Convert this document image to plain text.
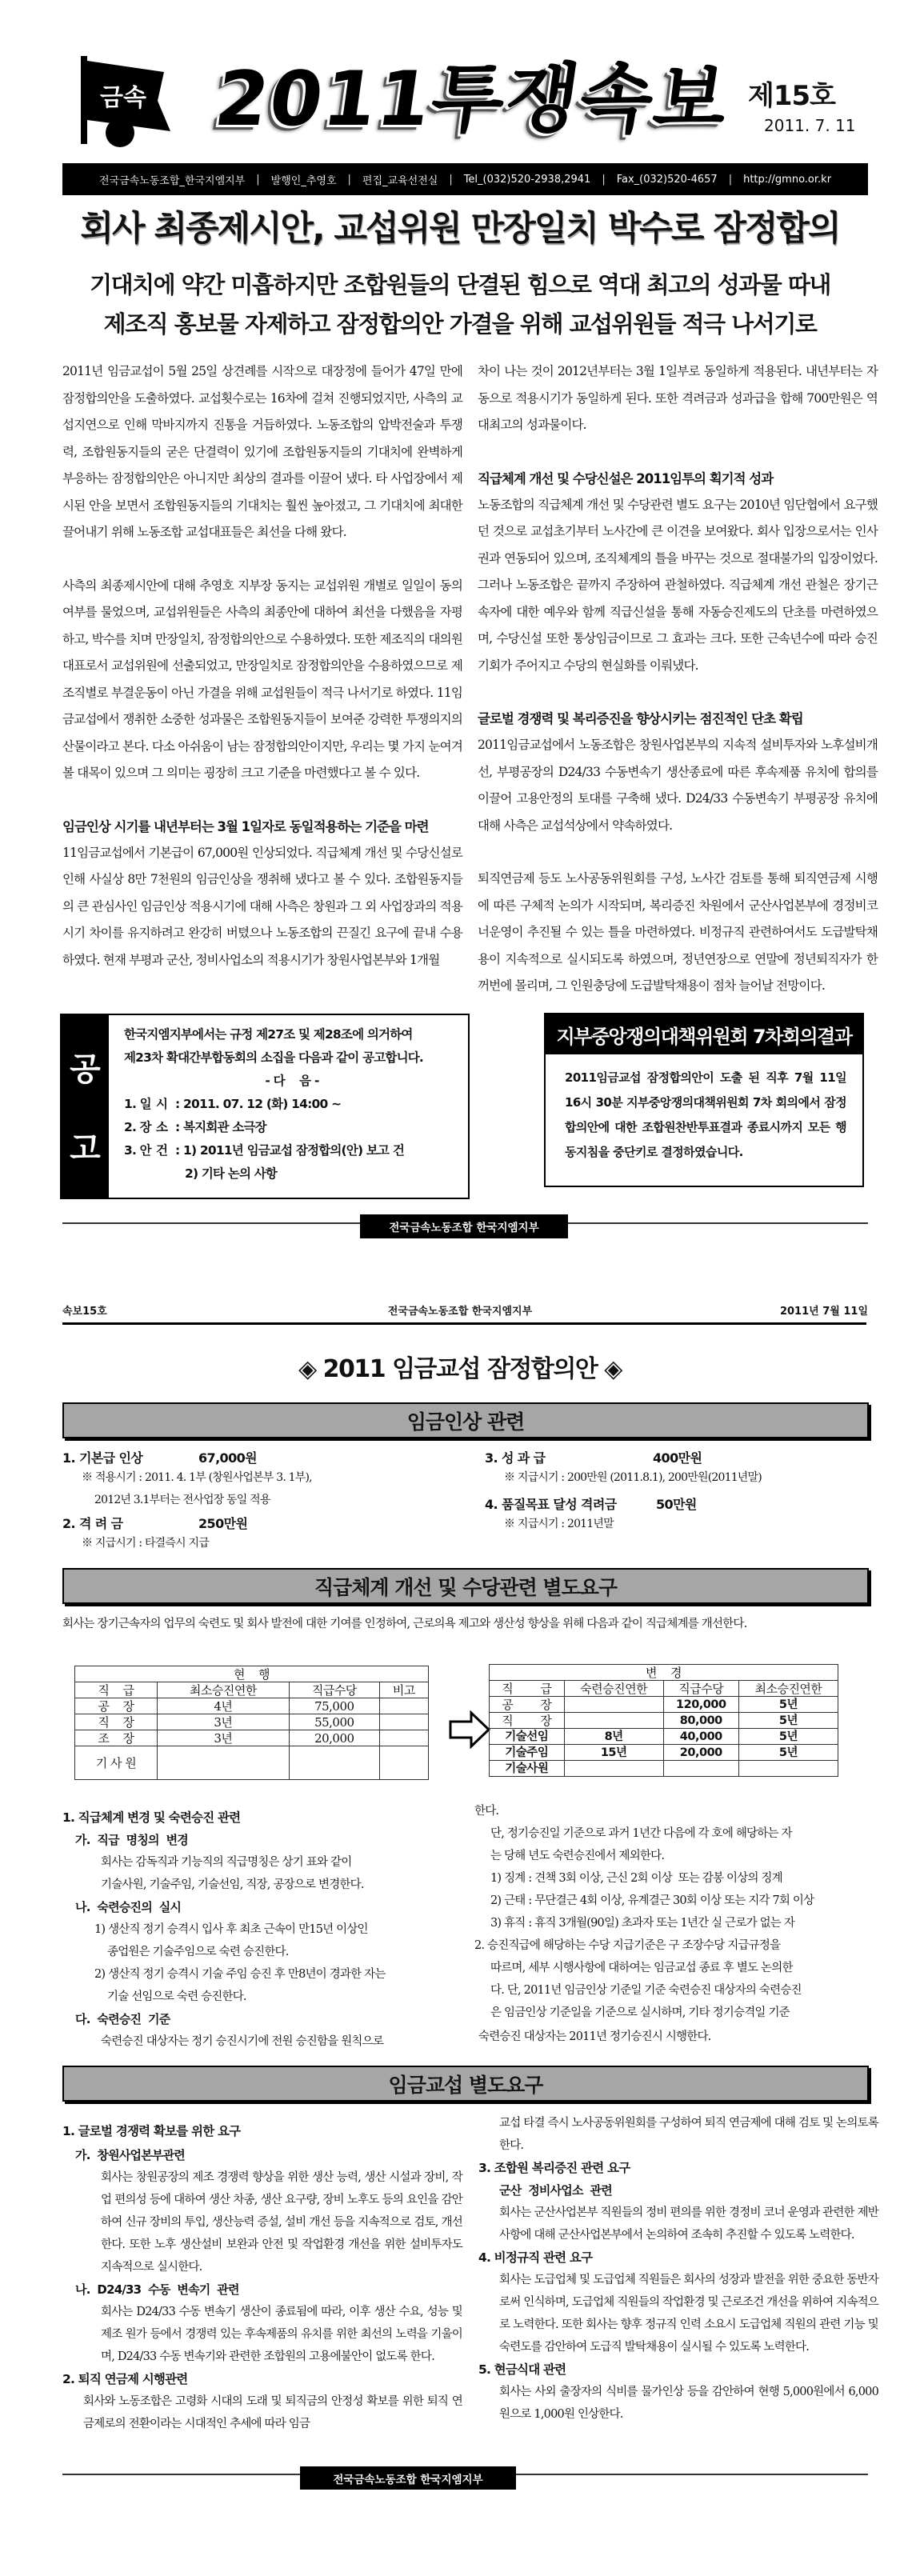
금속 2011투쟁속보 제15호
2011. 7. 11
전국금속노동조합_한국지엠지부 | 발행인_추영호 | 편집_교육선전실 | Tel_(032)520-2938,2941 | Fax_(032)520-4657 | http://gmno.or.kr
회사 최종제시안, 교섭위원 만장일치 박수로 잠정합의
기대치에 약간 미흡하지만 조합원들의 단결된 힘으로 역대 최고의 성과물 따내
제조직 홍보물 자제하고 잠정합의안 가결을 위해 교섭위원들 적극 나서기로

2011년 임금교섭이 5월 25일 상견례를 시작으로 대장정에 들어가 47일 만에 잠정합의안을 도출하였다. 교섭횟수로는 16차에 걸쳐 진행되었지만, 사측의 교섭지연으로 인해 막바지까지 진통을 거듭하였다. 노동조합의 압박전술과 투쟁력, 조합원동지들의 굳은 단결력이 있기에 조합원동지들의 기대치에 완벽하게 부응하는 잠정합의안은 아니지만 최상의 결과를 이끌어 냈다. 타 사업장에서 제시된 안을 보면서 조합원동지들의 기대치는 훨씬 높아졌고, 그 기대치에 최대한 끌어내기 위해 노동조합 교섭대표들은 최선을 다해 왔다.

사측의 최종제시안에 대해 추영호 지부장 동지는 교섭위원 개별로 일일이 동의여부를 물었으며, 교섭위원들은 사측의 최종안에 대하여 최선을 다했음을 자평하고, 박수를 치며 만장일치, 잠정합의안으로 수용하였다. 또한 제조직의 대의원대표로서 교섭위원에 선출되었고, 만장일치로 잠정합의안을 수용하였으므로 제조직별로 부결운동이 아닌 가결을 위해 교섭원들이 적극 나서기로 하였다. 11임금교섭에서 쟁취한 소중한 성과물은 조합원동지들이 보여준 강력한 투쟁의지의 산물이라고 본다. 다소 아쉬움이 남는 잠정합의안이지만, 우리는 몇 가지 눈여겨 볼 대목이 있으며 그 의미는 굉장히 크고 기준을 마련했다고 볼 수 있다.

임금인상 시기를 내년부터는 3월 1일자로 동일적용하는 기준을 마련

11임금교섭에서 기본급이 67,000원 인상되었다. 직급체계 개선 및 수당신설로 인해 사실상 8만 7천원의 임금인상을 쟁취해 냈다고 볼 수 있다. 조합원동지들의 큰 관심사인 임금인상 적용시기에 대해 사측은 창원과 그 외 사업장과의 적용시기 차이를 유지하려고 완강히 버텼으나 노동조합의 끈질긴 요구에 끝내 수용하였다. 현재 부평과 군산, 정비사업소의 적용시기가 창원사업본부와 1개월

차이 나는 것이 2012년부터는 3월 1일부로 동일하게 적용된다. 내년부터는 자동으로 적용시기가 동일하게 된다. 또한 격려금과 성과급을 합해 700만원은 역대최고의 성과물이다.

직급체계 개선 및 수당신설은 2011임투의 획기적 성과

노동조합의 직급체계 개선 및 수당관련 별도 요구는 2010년 임단협에서 요구했던 것으로 교섭초기부터 노사간에 큰 이견을 보여왔다. 회사 입장으로서는 인사권과 연동되어 있으며, 조직체계의 틀을 바꾸는 것으로 절대불가의 입장이었다. 그러나 노동조합은 끝까지 주장하여 관철하였다. 직급체계 개선 관철은 장기근속자에 대한 예우와 함께 직급신설을 통해 자동승진제도의 단초를 마련하였으며, 수당신설 또한 통상임금이므로 그 효과는 크다. 또한 근속년수에 따라 승진기회가 주어지고 수당의 현실화를 이뤄냈다.

글로벌 경쟁력 및 복리증진을 향상시키는 점진적인 단초 확립

2011임금교섭에서 노동조합은 창원사업본부의 지속적 설비투자와 노후설비개선, 부평공장의 D24/33 수동변속기 생산종료에 따른 후속제품 유치에 합의를 이끌어 고용안정의 토대를 구축해 냈다. D24/33 수동변속기 부평공장 유치에 대해 사측은 교섭석상에서 약속하였다.

퇴직연금제 등도 노사공동위원회를 구성, 노사간 검토를 통해 퇴직연금제 시행에 따른 구체적 논의가 시작되며, 복리증진 차원에서 군산사업본부에 경정비코너운영이 추진될 수 있는 틀을 마련하였다. 비정규직 관련하여서도 도급발탁채용이 지속적으로 실시되도록 하였으며, 정년연장으로 연말에 정년퇴직자가 한꺼번에 몰리며, 그 인원충당에 도급발탁채용이 점차 늘어날 전망이다.

공
고
한국지엠지부에서는 규정 제27조 및 제28조에 의거하여
제23차 확대간부합동회의 소집을 다음과 같이 공고합니다.
- 다    음 -
1. 일 시 : 2011. 07. 12 (화) 14:00 ~
2. 장 소 : 복지회관 소극장
3. 안 건 : 1) 2011년 임금교섭 잠정합의(안) 보고 건
2) 기타 논의 사항
지부중앙쟁의대책위원회 7차회의결과
2011임금교섭 잠정합의안이 도출 된 직후 7월 11일 16시 30분 지부중앙쟁의대책위원회 7차 회의에서 잠정합의안에 대한 조합원찬반투표결과 종료시까지 모든 행동지침을 중단키로 결정하였습니다.
전국금속노동조합 한국지엠지부
속보15호	전국금속노동조합 한국지엠지부	2011년 7월 11일
◈ 2011 임금교섭 잠정합의안 ◈
임금인상 관련
1. 기본급 인상	67,000원
※ 적용시기 : 2011. 4. 1부 (창원사업본부 3. 1부),
2012년 3.1부터는 전사업장 동일 적용
2. 격 려 금	250만원
※ 지급시기 : 타결즉시 지급
3. 성 과 급	400만원
※ 지급시기 : 200만원 (2011.8.1), 200만원(2011년말)
4. 품질목표 달성 격려금	50만원
※ 지급시기 : 2011년말
직급체계 개선 및 수당관련 별도요구
회사는 장기근속자의 업무의 숙련도 및 회사 발전에 대한 기여를 인정하여, 근로의욕 제고와 생산성 향상을 위해 다음과 같이 직급체계를 개선한다.
현    행			
직    급	최소승진연한	직급수당	비고
공    장	4년	75,000	
직    장	3년	55,000	
조    장	3년	20,000	
기 사 원			
변    경			
직        급	숙련승진연한	직급수당	최소승진연한
공        장		120,000	5년
직        장		80,000	5년
기술선임	8년	40,000	5년
기술주임	15년	20,000	5년
기술사원			
1. 직급체계 변경 및 숙련승진 관련
가.  직급  명칭의  변경
회사는 감독직과 기능직의 직급명칭은 상기 표와 같이
기술사원, 기술주임, 기술선임, 직장, 공장으로 변경한다.
나.  숙련승진의  실시
1) 생산직 정기 승격시 입사 후 최초 근속이 만15년 이상인
종업원은 기술주임으로 숙련 승진한다.
2) 생산직 정기 승격시 기술 주임 승진 후 만8년이 경과한 자는
기술 선임으로 숙련 승진한다.
다.  숙련승진  기준
숙련승진 대상자는 정기 승진시기에 전원 승진함을 원칙으로
한다.
단, 정기승진일 기준으로 과거 1년간 다음에 각 호에 해당하는 자
는 당해 년도 숙련승진에서 제외한다.
1) 징계 : 견책 3회 이상, 근신 2회 이상  또는 감봉 이상의 징계
2) 근태 : 무단결근 4회 이상, 유계결근 30회 이상 또는 지각 7회 이상
3) 휴직 : 휴직 3개월(90일) 초과자 또는 1년간 실 근로가 없는 자
2. 승진직급에 해당하는 수당 지급기준은 구 조장수당 지급규정을
따르며, 세부 시행사항에 대하여는 임금교섭 종료 후 별도 논의한
다. 단, 2011년 임금인상 기준일 기준 숙련승진 대상자의 숙련승진
은 임금인상 기준일을 기준으로 실시하며, 기타 정기승격일 기준
숙련승진 대상자는 2011년 정기승진시 시행한다.
임금교섭 별도요구
1. 글로벌 경쟁력 확보를 위한 요구
가.  창원사업본부관련
회사는 창원공장의 제조 경쟁력 향상을 위한 생산 능력, 생산 시설과 장비, 작업 편의성 등에 대하여 생산 차종, 생산 요구량, 장비 노후도 등의 요인을 감안하여 신규 장비의 투입, 생산능력 증설, 설비 개선 등을 지속적으로 검토, 개선한다. 또한 노후 생산설비 보완과 안전 및 작업환경 개선을 위한 설비투자도 지속적으로 실시한다.
나.  D24/33  수동  변속기  관련
회사는 D24/33 수동 변속기 생산이 종료됨에 따라, 이후 생산 수요, 성능 및 제조 원가 등에서 경쟁력 있는 후속제품의 유치를 위한 최선의 노력을 기울이며, D24/33 수동 변속기와 관련한 조합원의 고용에불안이 없도록 한다.
2. 퇴직 연금제 시행관련
회사와 노동조합은 고령화 시대의 도래 및 퇴직금의 안정성 확보를 위한 퇴직 연금제로의 전환이라는 시대적인 추세에 따라 임금
교섭 타결 즉시 노사공동위원회를 구성하여 퇴직 연금제에 대해 검토 및 논의토록 한다.
3. 조합원 복리증진 관련 요구
군산  정비사업소  관련
회사는 군산사업본부 직원들의 정비 편의를 위한 경정비 코너 운영과 관련한 제반 사항에 대해 군산사업본부에서 논의하여 조속히 추진할 수 있도록 노력한다.
4. 비정규직 관련 요구
회사는 도급업체 및 도급업체 직원들은 회사의 성장과 발전을 위한 중요한 동반자로써 인식하며, 도급업체 직원들의 작업환경 및 근로조건 개선을 위하여 지속적으로 노력한다. 또한 회사는 향후 정규직 인력 소요시 도급업체 직원의 관련 기능 및 숙련도를 감안하여 도급직 발탁채용이 실시될 수 있도록 노력한다.
5. 현금식대 관련
회사는 사외 출장자의 식비를 물가인상 등을 감안하여 현행 5,000원에서 6,000원으로 1,000원 인상한다.
전국금속노동조합 한국지엠지부
